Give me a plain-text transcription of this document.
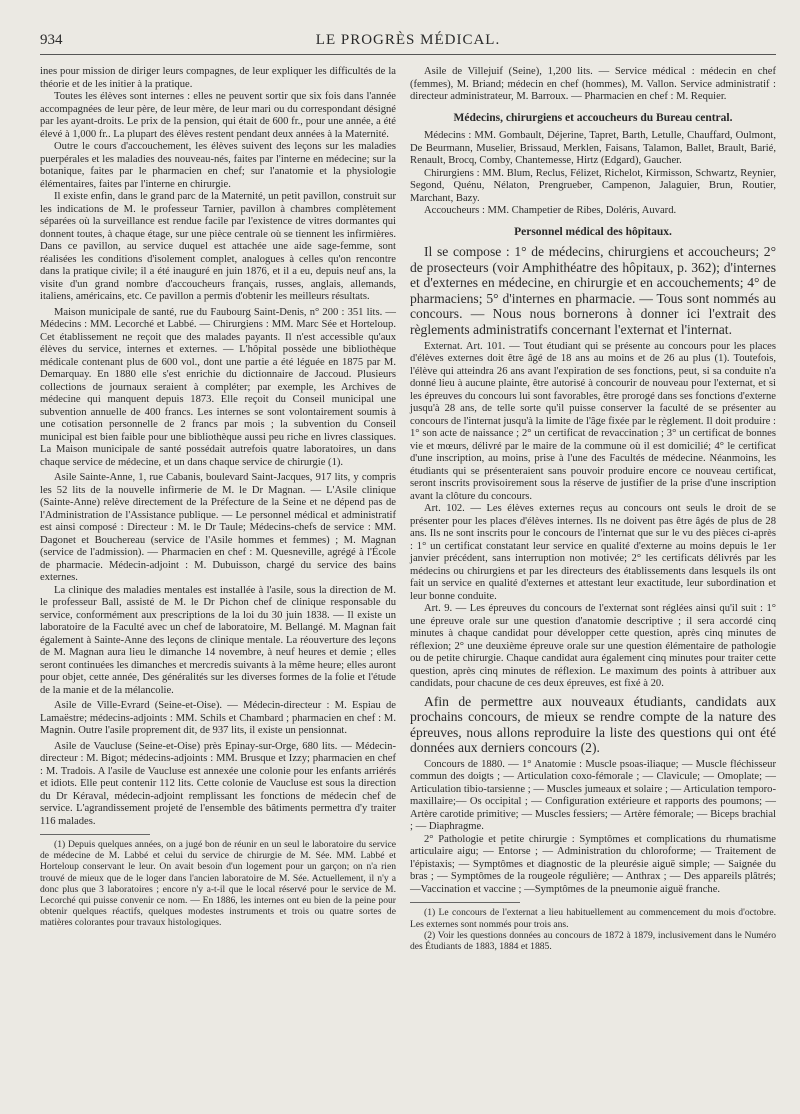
934	LE PROGRÈS MÉDICAL.

ines pour mission de diriger leurs compagnes, de leur expliquer les difficultés de la théorie et de les initier à la pratique.

Toutes les élèves sont internes : elles ne peuvent sortir que six fois dans l'année accompagnées de leur père, de leur mère, de leur mari ou du correspondant désigné par les ayant-droits. Le prix de la pension, qui était de 600 fr., pour une année, a été élevé à 1,000 fr.. La plupart des élèves restent pendant deux années à la Maternité.

Outre le cours d'accouchement, les élèves suivent des leçons sur les maladies puerpérales et les maladies des nouveau-nés, faites par l'interne en médecine; sur la botanique, faites par le pharmacien en chef; sur l'anatomie et la physiologie élémentaires, faites par l'interne en chirurgie.

Il existe enfin, dans le grand parc de la Maternité, un petit pavillon, construit sur les indications de M. le professeur Tarnier, pavillon à chambres complètement séparées où la surveillance est rendue facile par l'existence de vitres dormantes qui donnent toutes, à chaque étage, sur une pièce centrale où se tiennent les infirmières. Dans ce pavillon, au service duquel est attachée une aide sage-femme, sont réalisées les conditions d'isolement complet, analogues à celles qu'on rencontre dans la pratique civile; il a été inauguré en juin 1876, et il a eu, depuis neuf ans, la visite d'un grand nombre d'accoucheurs français, russes, anglais, allemands, italiens, américains, etc. Ce pavillon a permis d'obtenir les meilleurs résultats.

Maison municipale de santé, rue du Faubourg Saint-Denis, n° 200 : 351 lits. — Médecins : MM. Lecorché et Labbé. — Chirurgiens : MM. Marc Sée et Horteloup. Cet établissement ne reçoit que des malades payants. Il n'est accessible qu'aux élèves du service, internes et externes. — L'hôpital possède une bibliothèque médicale contenant plus de 600 vol., dont une partie a été léguée en 1875 par M. Demarquay. En 1880 elle s'est enrichie du dictionnaire de Jaccoud. Plusieurs collections de journaux seraient à compléter; par exemple, les Archives de médecine qui manquent depuis 1873. Elle reçoit du Conseil municipal une subvention annuelle de 400 francs. Les internes se sont volontairement soumis à une cotisation personnelle de 2 francs par mois ; la subvention du Conseil municipal est bien faible pour une bibliothèque aussi peu riche en livres classiques. La Maison municipale de santé possédait autrefois quatre laboratoires, un dans chaque service de médecine, et un dans chaque service de chirurgie (1).

Asile Sainte-Anne, 1, rue Cabanis, boulevard Saint-Jacques, 917 lits, y compris les 52 lits de la nouvelle infirmerie de M. le Dr Magnan. — L'Asile clinique (Sainte-Anne) relève directement de la Préfecture de la Seine et ne dépend pas de l'Administration de l'Assistance publique. — Le personnel médical et administratif est ainsi composé : Directeur : M. le Dr Taule; Médecins-chefs de service : MM. Dagonet et Bouchereau (service de l'Asile hommes et femmes) ; M. Magnan (service de l'admission). — Pharmacien en chef : M. Quesneville, agrégé à l'École de pharmacie. Médecin-adjoint : M. Dubuisson, chargé du service des bains externes.

La clinique des maladies mentales est installée à l'asile, sous la direction de M. le professeur Ball, assisté de M. le Dr Pichon chef de clinique responsable du service, conformément aux prescriptions de la loi du 30 juin 1838. — Il existe un laboratoire de la Faculté avec un chef de laboratoire, M. Bellangé. M. Magnan fait également à Sainte-Anne des leçons de clinique mentale. La réouverture des leçons de M. Magnan aura lieu le dimanche 14 novembre, à neuf heures et demie ; elles seront continuées les dimanches et mercredis suivants à la même heure; elles auront pour objet, cette année, Des généralités sur les diverses formes de la folie et l'étude de la manie et de la mélancolie.

Asile de Ville-Evrard (Seine-et-Oise). — Médecin-directeur : M. Espiau de Lamaëstre; médecins-adjoints : MM. Schils et Chambard ; pharmacien en chef : M. Magnin. Outre l'asile proprement dit, de 937 lits, il existe un pensionnat.

Asile de Vaucluse (Seine-et-Oise) près Epinay-sur-Orge, 680 lits. — Médecin-directeur : M. Bigot; médecins-adjoints : MM. Brusque et Izzy; pharmacien en chef : M. Tradois. A l'asile de Vaucluse est annexée une colonie pour les enfants arriérés et idiots. Elle peut contenir 112 lits. Cette colonie de Vaucluse est sous la direction du Dr Kéraval, médecin-adjoint remplissant les fonctions de médecin chef de service. L'agrandissement projeté de l'ensemble des bâtiments permettra d'y traiter 116 malades.

(1) Depuis quelques années, on a jugé bon de réunir en un seul le laboratoire du service de médecine de M. Labbé et celui du service de chirurgie de M. Sée. MM. Labbé et Horteloup conservant le leur. On avait besoin d'un logement pour un garçon; on n'a rien trouvé de mieux que de le loger dans l'ancien laboratoire de M. Sée. Actuellement, il n'y a donc plus que 3 laboratoires ; encore n'y a-t-il que le local réservé pour le service de M. Lecorché qui puisse convenir ce nom. — En 1886, les internes ont eu bien de la peine pour obtenir quelques réactifs, quelques modestes instruments et trois ou quatre sortes de matières colorantes pour travaux histologiques.

Asile de Villejuif (Seine), 1,200 lits. — Service médical : médecin en chef (femmes), M. Briand; médecin en chef (hommes), M. Vallon. Service administratif : directeur administrateur, M. Barroux. — Pharmacien en chef : M. Requier.

Médecins, chirurgiens et accoucheurs du Bureau central.

Médecins : MM. Gombault, Déjerine, Tapret, Barth, Letulle, Chauffard, Oulmont, De Beurmann, Muselier, Brissaud, Merklen, Faisans, Talamon, Ballet, Brault, Barié, Renault, Brocq, Comby, Chantemesse, Hirtz (Edgard), Gaucher.

Chirurgiens : MM. Blum, Reclus, Félizet, Richelot, Kirmisson, Schwartz, Reynier, Segond, Quénu, Nélaton, Prengrueber, Campenon, Jalaguier, Brun, Routier, Marchant, Bazy.

Accoucheurs : MM. Champetier de Ribes, Doléris, Auvard.

Personnel médical des hôpitaux.

Il se compose : 1° de médecins, chirurgiens et accoucheurs; 2° de prosecteurs (voir Amphithéatre des hôpitaux, p. 362); d'internes et d'externes en médecine, en chirurgie et en accouchements; 4° de pharmaciens; 5° d'internes en pharmacie. — Tous sont nommés au concours. — Nous nous bornerons à donner ici l'extrait des règlements administratifs concernant l'externat et l'internat.

Externat. Art. 101. — Tout étudiant qui se présente au concours pour les places d'élèves externes doit être âgé de 18 ans au moins et de 26 au plus (1). Toutefois, l'élève qui atteindra 26 ans avant l'expiration de ses fonctions, peut, si sa conduite n'a donné lieu à aucune plainte, être autorisé à concourir de nouveau pour l'externat, et si les épreuves du concours lui sont favorables, être prorogé dans ses fonctions d'externe jusqu'à 28 ans, de telle sorte qu'il puisse conserver la faculté de se présenter au concours de l'internat jusqu'à la limite de l'âge fixée par le règlement. Il doit produire : 1° son acte de naissance ; 2° un certificat de revaccination ; 3° un certificat de bonnes vie et mœurs, délivré par le maire de la commune où il est domicilié; 4° le certificat d'une inscription, au moins, prise à l'une des Facultés de médecine. Néanmoins, les étudiants qui se présenteraient sans pouvoir produire encore ce nouveau certificat, seront inscrits provisoirement sous la réserve de justifier de la prise d'une inscription avant la clôture du concours.

Art. 102. — Les élèves externes reçus au concours ont seuls le droit de se présenter pour les places d'élèves internes. Ils ne doivent pas être âgés de plus de 28 ans. Ils ne sont inscrits pour le concours de l'internat que sur le vu des pièces ci-après : 1° un certificat constatant leur service en qualité d'externe au moins depuis le 1er janvier précédent, sans interruption non motivée; 2° les certificats délivrés par les médecins ou chirurgiens et par les directeurs des établissements dans lesquels ils ont fait un service en qualité d'externes et attestant leur exactitude, leur subordination et leur bonne conduite.

Art. 9. — Les épreuves du concours de l'externat sont réglées ainsi qu'il suit : 1° une épreuve orale sur une question d'anatomie descriptive ; il sera accordé cinq minutes à chaque candidat pour développer cette question, après cinq minutes de réflexion; 2° une deuxième épreuve orale sur une question élémentaire de pathologie ou de petite chirurgie. Chaque candidat aura également cinq minutes pour traiter cette question, après cinq minutes de réflexion. Le maximum des points à attribuer aux candidats, pour chacune de ces deux épreuves, est fixé à 20.

Afin de permettre aux nouveaux étudiants, candidats aux prochains concours, de mieux se rendre compte de la nature des épreuves, nous allons reproduire la liste des questions qui ont été données aux derniers concours (2).

Concours de 1880. — 1° Anatomie : Muscle psoas-iliaque; — Muscle fléchisseur commun des doigts ; — Articulation coxo-fémorale ; — Clavicule; — Omoplate; — Articulation tibio-tarsienne ; — Muscles jumeaux et solaire ; — Articulation temporo-maxillaire;— Os occipital ; — Configuration extérieure et rapports des poumons; — Artère carotide primitive; — Muscles fessiers; — Artère fémorale; — Biceps brachial ; — Diaphragme.

2° Pathologie et petite chirurgie : Symptômes et complications du rhumatisme articulaire aigu; — Entorse ; — Administration du chloroforme; — Traitement de l'épistaxis; — Symptômes et diagnostic de la pleurésie aiguë simple; — Saignée du bras ; — Symptômes de la rougeole régulière; — Anthrax ; — Des appareils plâtrés; —Vaccination et vaccine ; —Symptômes de la pneumonie aiguë franche.

(1) Le concours de l'externat a lieu habituellement au commencement du mois d'octobre. Les externes sont nommés pour trois ans.

(2) Voir les questions données au concours de 1872 à 1879, inclusivement dans le Numéro des Étudiants de 1883, 1884 et 1885.
